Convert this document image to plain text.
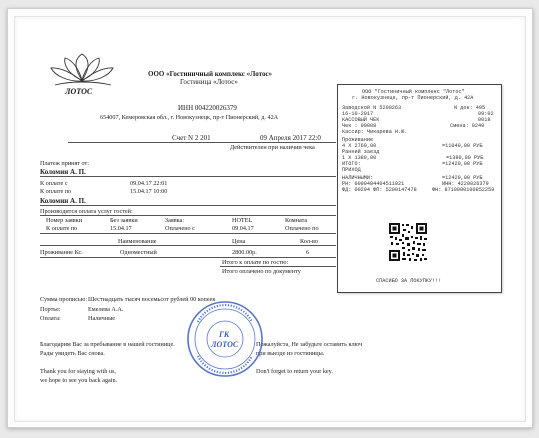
ЛОТОС
ООО «Гостиничный комплекс «Лотос»
Гостиница «Лотос»
ИНН 004220026379
654007, Кемеровская обл., г. Новокузнецк, пр-т Пионерский, д. 42А
Счет N 2 201	09 Апреля 2017 22:0
Действителен при наличии чека
Платеж принят от:
Коломин А. П.
К оплате с	09.04.17 22:01
К оплате по	15.04.17 10:00
Коломин А. П.
Производится оплата услуг гостей:
Номер заявки	Без заявки	Заявка:	HOTEL	Комната
К оплате по	15.04.17	Оплачено с	09.04.17	Оплачено по
Наименование	Цена	Кол-во
Проживание Кс.	Одноместный	2800.00р.	6
Итого к оплате по гостю:
Итого оплачено по документу
Сумма прописью: Шестнадцать тысяч восемьсот рублей 00 копеек
Портье:	Емелева А.А.
Оплата:	Наличные
Благодарим Вас за пребывание в нашей гостинице.
Рады увидеть Вас снова.
Пожалуйста, Не забудьте оставить ключ
при выезде из гостиницы.
Thank you for staying with us,
we hope to see you back again.
Don't forget to return your key.
ГК
ЛОТОС
ООО "Гостиничный комплекс "Лотос"
г. Новокузнецк, пр-т Пионерский, д. 42А
Заводской N 5200263	N док: 495
16-10-2017	09:02
КАССОВЫЙ ЧЕК	0018
Чек : 00008	Смена: 0249
Кассир: Чикарева Н.Ю.
Проживание
4 X 2760,00	=11040,00 РУБ
Ранний заезд
1 X 1380,00	=1380,00 РУБ
ИТОГО:	=12420,00 РУБ
ПРИХОД
НАЛИЧНЫМИ:	=12420,00 РУБ
РН: 0000484404511021	ИНН: 4220026379
ФД: 00294 ФП: 5200147478	ФН: 8710000100852259
СПАСИБО ЗА ПОКУПКУ!!!
